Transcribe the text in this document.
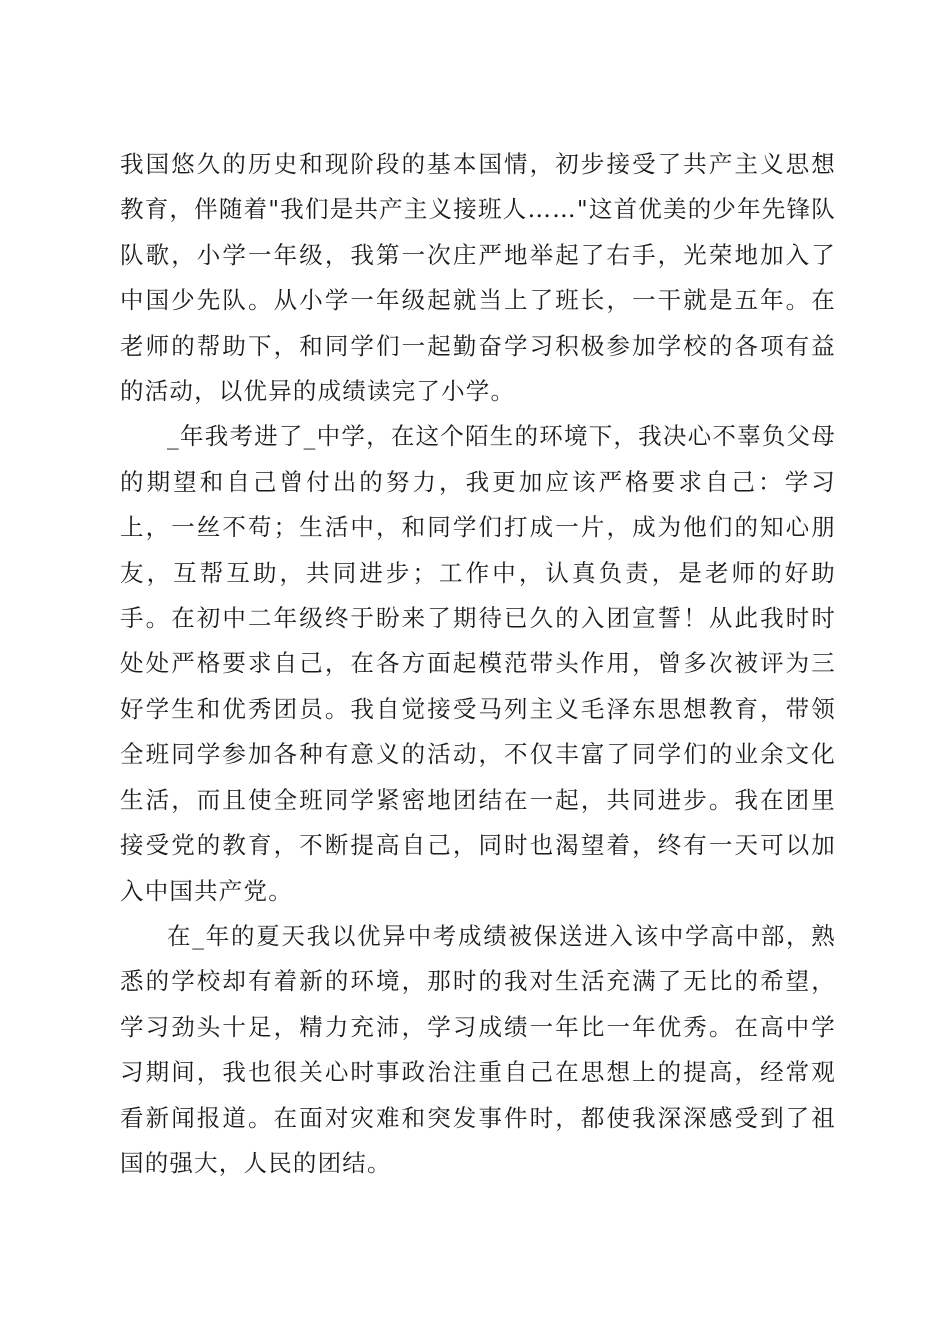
我国悠久的历史和现阶段的基本国情，初步接受了共产主义思想教育，伴随着"我们是共产主义接班人……"这首优美的少年先锋队队歌，小学一年级，我第一次庄严地举起了右手，光荣地加入了中国少先队。从小学一年级起就当上了班长，一干就是五年。在老师的帮助下，和同学们一起勤奋学习积极参加学校的各项有益的活动，以优异的成绩读完了小学。

_年我考进了_中学，在这个陌生的环境下，我决心不辜负父母的期望和自己曾付出的努力，我更加应该严格要求自己：学习上，一丝不苟；生活中，和同学们打成一片，成为他们的知心朋友，互帮互助，共同进步；工作中，认真负责，是老师的好助手。在初中二年级终于盼来了期待已久的入团宣誓！从此我时时处处严格要求自己，在各方面起模范带头作用，曾多次被评为三好学生和优秀团员。我自觉接受马列主义毛泽东思想教育，带领全班同学参加各种有意义的活动，不仅丰富了同学们的业余文化生活，而且使全班同学紧密地团结在一起，共同进步。我在团里接受党的教育，不断提高自己，同时也渴望着，终有一天可以加入中国共产党。

在_年的夏天我以优异中考成绩被保送进入该中学高中部，熟悉的学校却有着新的环境，那时的我对生活充满了无比的希望，学习劲头十足，精力充沛，学习成绩一年比一年优秀。在高中学习期间，我也很关心时事政治注重自己在思想上的提高，经常观看新闻报道。在面对灾难和突发事件时，都使我深深感受到了祖国的强大，人民的团结。
